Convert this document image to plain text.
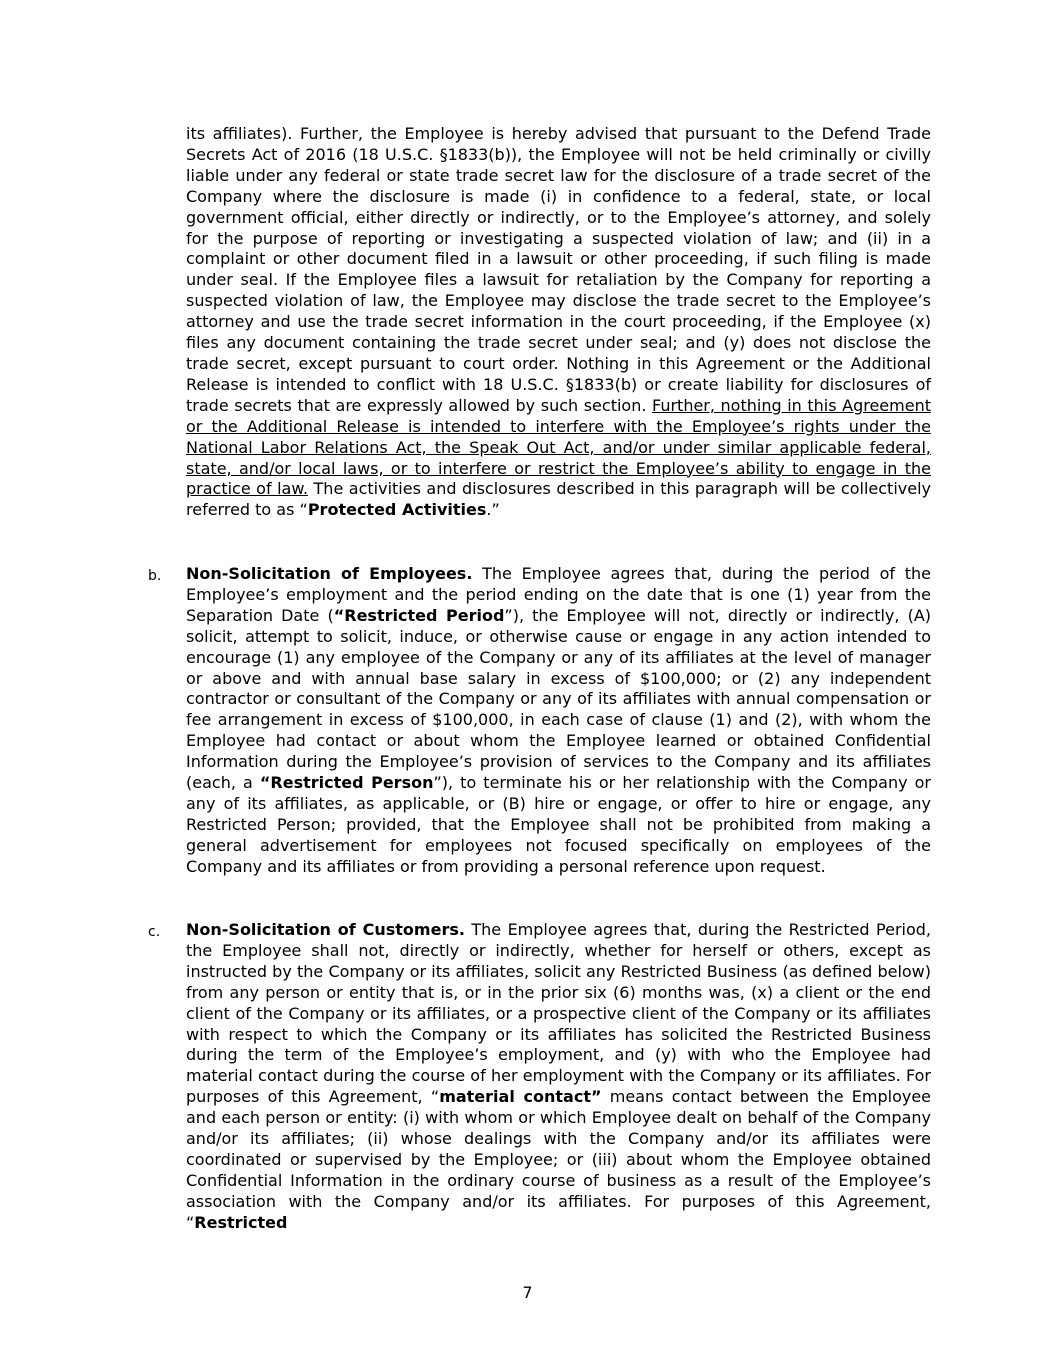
its affiliates). Further, the Employee is hereby advised that pursuant to the Defend Trade Secrets Act of 2016 (18 U.S.C. §1833(b)), the Employee will not be held criminally or civilly liable under any federal or state trade secret law for the disclosure of a trade secret of the Company where the disclosure is made (i) in confidence to a federal, state, or local government official, either directly or indirectly, or to the Employee’s attorney, and solely for the purpose of reporting or investigating a suspected violation of law; and (ii) in a complaint or other document filed in a lawsuit or other proceeding, if such filing is made under seal. If the Employee files a lawsuit for retaliation by the Company for reporting a suspected violation of law, the Employee may disclose the trade secret to the Employee’s attorney and use the trade secret information in the court proceeding, if the Employee (x) files any document containing the trade secret under seal; and (y) does not disclose the trade secret, except pursuant to court order. Nothing in this Agreement or the Additional Release is intended to conflict with 18 U.S.C. §1833(b) or create liability for disclosures of trade secrets that are expressly allowed by such section. Further, nothing in this Agreement or the Additional Release is intended to interfere with the Employee’s rights under the National Labor Relations Act, the Speak Out Act, and/or under similar applicable federal, state, and/or local laws, or to interfere or restrict the Employee’s ability to engage in the practice of law. The activities and disclosures described in this paragraph will be collectively referred to as “Protected Activities.”

b. Non-Solicitation of Employees. The Employee agrees that, during the period of the Employee’s employment and the period ending on the date that is one (1) year from the Separation Date (“Restricted Period”), the Employee will not, directly or indirectly, (A) solicit, attempt to solicit, induce, or otherwise cause or engage in any action intended to encourage (1) any employee of the Company or any of its affiliates at the level of manager or above and with annual base salary in excess of $100,000; or (2) any independent contractor or consultant of the Company or any of its affiliates with annual compensation or fee arrangement in excess of $100,000, in each case of clause (1) and (2), with whom the Employee had contact or about whom the Employee learned or obtained Confidential Information during the Employee’s provision of services to the Company and its affiliates (each, a “Restricted Person”), to terminate his or her relationship with the Company or any of its affiliates, as applicable, or (B) hire or engage, or offer to hire or engage, any Restricted Person; provided, that the Employee shall not be prohibited from making a general advertisement for employees not focused specifically on employees of the Company and its affiliates or from providing a personal reference upon request.

c. Non-Solicitation of Customers. The Employee agrees that, during the Restricted Period, the Employee shall not, directly or indirectly, whether for herself or others, except as instructed by the Company or its affiliates, solicit any Restricted Business (as defined below) from any person or entity that is, or in the prior six (6) months was, (x) a client or the end client of the Company or its affiliates, or a prospective client of the Company or its affiliates with respect to which the Company or its affiliates has solicited the Restricted Business during the term of the Employee’s employment, and (y) with who the Employee had material contact during the course of her employment with the Company or its affiliates. For purposes of this Agreement, “material contact” means contact between the Employee and each person or entity: (i) with whom or which Employee dealt on behalf of the Company and/or its affiliates; (ii) whose dealings with the Company and/or its affiliates were coordinated or supervised by the Employee; or (iii) about whom the Employee obtained Confidential Information in the ordinary course of business as a result of the Employee’s association with the Company and/or its affiliates. For purposes of this Agreement, “Restricted

7
